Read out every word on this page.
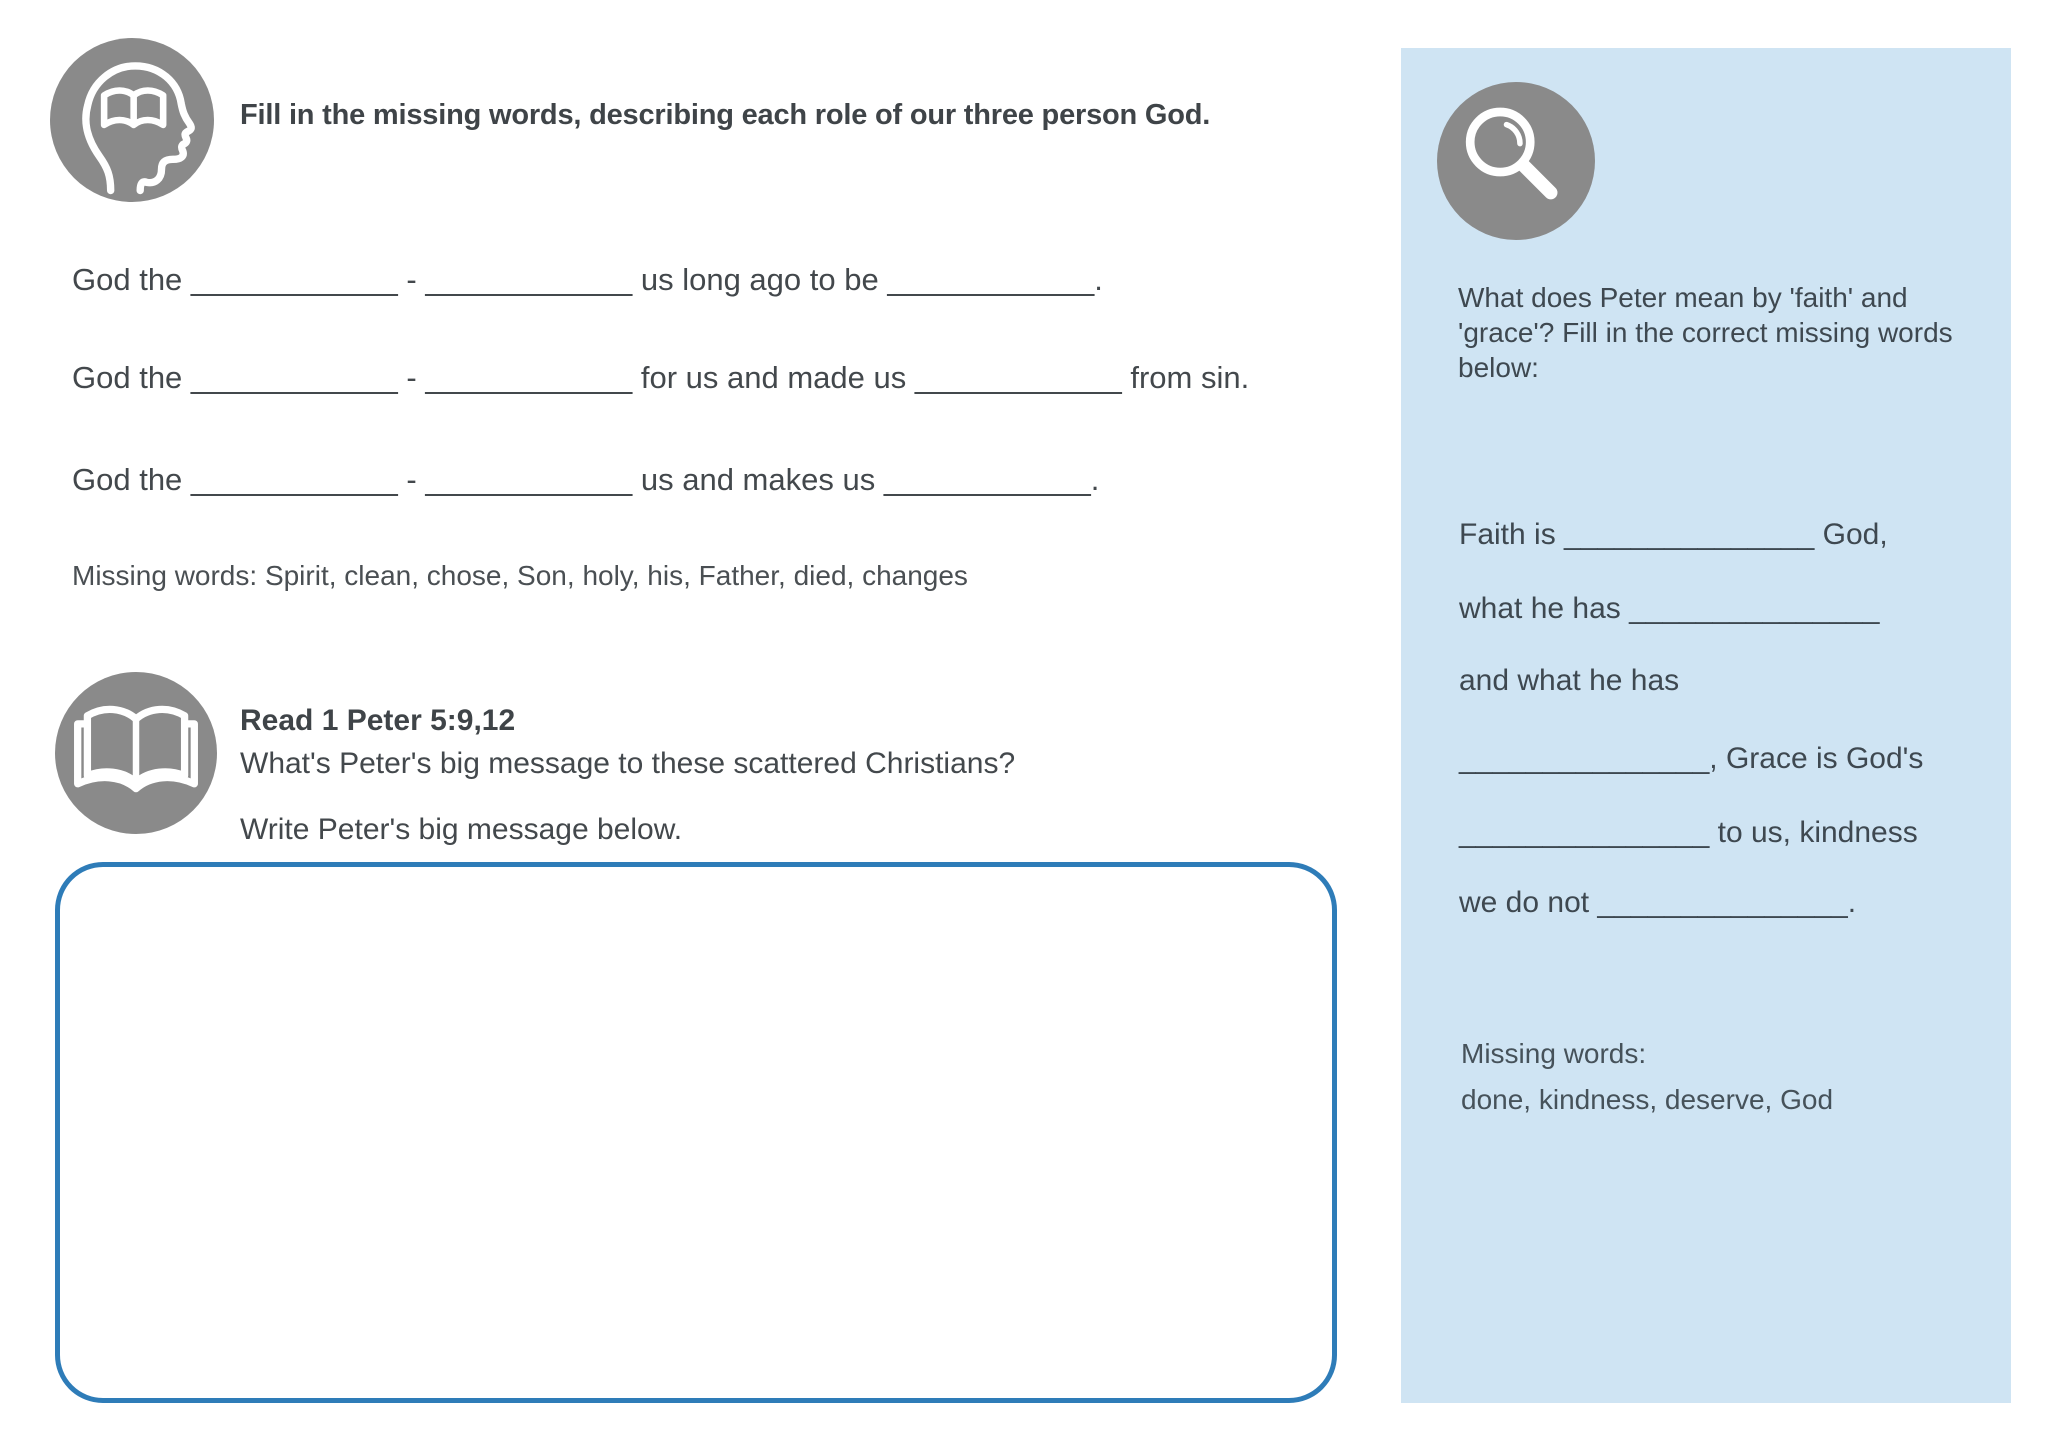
Fill in the missing words, describing each role of our three person God.
God the ____________ - ____________ us long ago to be ____________.
God the ____________ - ____________ for us and made us ____________ from sin.
God the ____________ - ____________ us and makes us ____________.
Missing words: Spirit, clean, chose, Son, holy, his, Father, died, changes
Read 1 Peter 5:9,12
What's Peter's big message to these scattered Christians?
Write Peter's big message below.
What does Peter mean by 'faith' and 'grace'? Fill in the correct missing words below:
Faith is _______________ God,
what he has _______________
and what he has
_______________, Grace is God's
_______________ to us, kindness
we do not _______________.
Missing words:
done, kindness, deserve, God
